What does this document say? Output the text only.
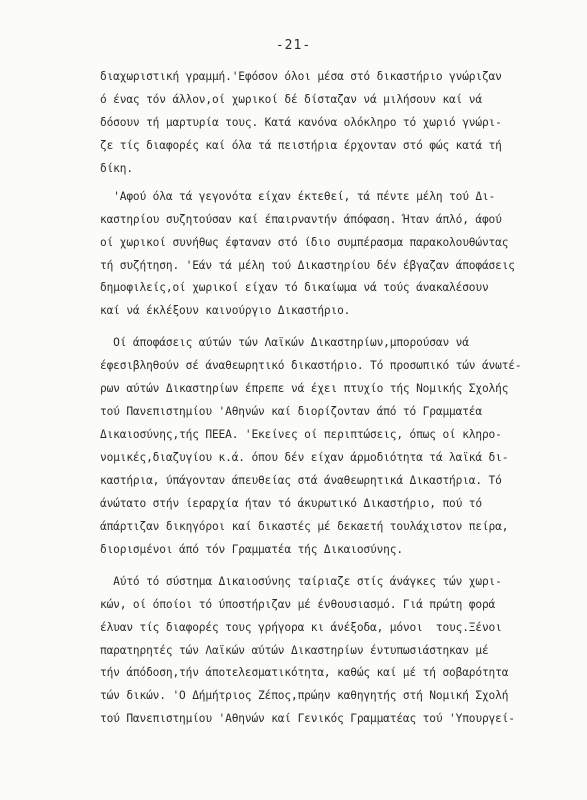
-21-
διαχωριστική γραμμή.'Εφόσον όλοι μέσα στό δικαστήριο γνώριζαν
ό ένας τόν άλλον,οί χωρικοί δέ δίσταζαν νά μιλήσουν καί νά
δόσουν τή μαρτυρία τους. Κατά κανόνα ολόκληρο τό χωριό γνώρι-
ζε τίς διαφορές καί όλα τά πειστήρια έρχονταν στό φώς κατά τή
δίκη.
'Αφού όλα τά γεγονότα είχαν έκτεθεί, τά πέντε μέλη τού Δι-
καστηρίου συζητούσαν καί έπαιρναντήν άπόφαση. Ήταν άπλό, άφού
οί χωρικοί συνήθως έφταναν στό ίδιο συμπέρασμα παρακολουθώντας
τή συζήτηση. 'Εάν τά μέλη τού Δικαστηρίου δέν έβγαζαν άποφάσεις
δημοφιλείς,οί χωρικοί είχαν τό δικαίωμα νά τούς άνακαλέσουν
καί νά έκλέξουν καινούργιο Δικαστήριο.
Οί άποφάσεις αύτών τών Λαϊκών Δικαστηρίων,μπορούσαν νά
έφεσιβληθούν σέ άναθεωρητικό δικαστήριο. Τό προσωπικό τών άνωτέ-
ρων αύτών Δικαστηρίων έπρεπε νά έχει πτυχίο τής Νομικής Σχολής
τού Πανεπιστημίου 'Αθηνών καί διορίζονταν άπό τό Γραμματέα
Δικαιοσύνης,τής ΠΕΕΑ. 'Εκείνες οί περιπτώσεις, όπως οί κληρο-
νομικές,διαζυγίου κ.ά. όπου δέν είχαν άρμοδιότητα τά λαϊκά δι-
καστήρια, ύπάγονταν άπευθείας στά άναθεωρητικά Δικαστήρια. Τό
άνώτατο στήν ίεραρχία ήταν τό άκυρωτικό Δικαστήριο, πού τό
άπάρτιζαν δικηγόροι καί δικαστές μέ δεκαετή τουλάχιστον πείρα,
διορισμένοι άπό τόν Γραμματέα τής Δικαιοσύνης.
Αύτό τό σύστημα Δικαιοσύνης ταίριαζε στίς άνάγκες τών χωρι-
κών, οί όποίοι τό ύποστήριζαν μέ ένθουσιασμό. Γιά πρώτη φορά
έλυαν τίς διαφορές τους γρήγορα κι άνέξοδα, μόνοι  τους.Ξένοι
παρατηρητές τών Λαϊκών αύτών Δικαστηρίων έντυπωσιάστηκαν μέ
τήν άπόδοση,τήν άποτελεσματικότητα, καθώς καί μέ τή σοβαρότητα
τών δικών. 'Ο Δήμήτριος Ζέπος,πρώην καθηγητής στή Νομική Σχολή
τού Πανεπιστημίου 'Αθηνών καί Γενικός Γραμματέας τού 'Υπουργεί-
